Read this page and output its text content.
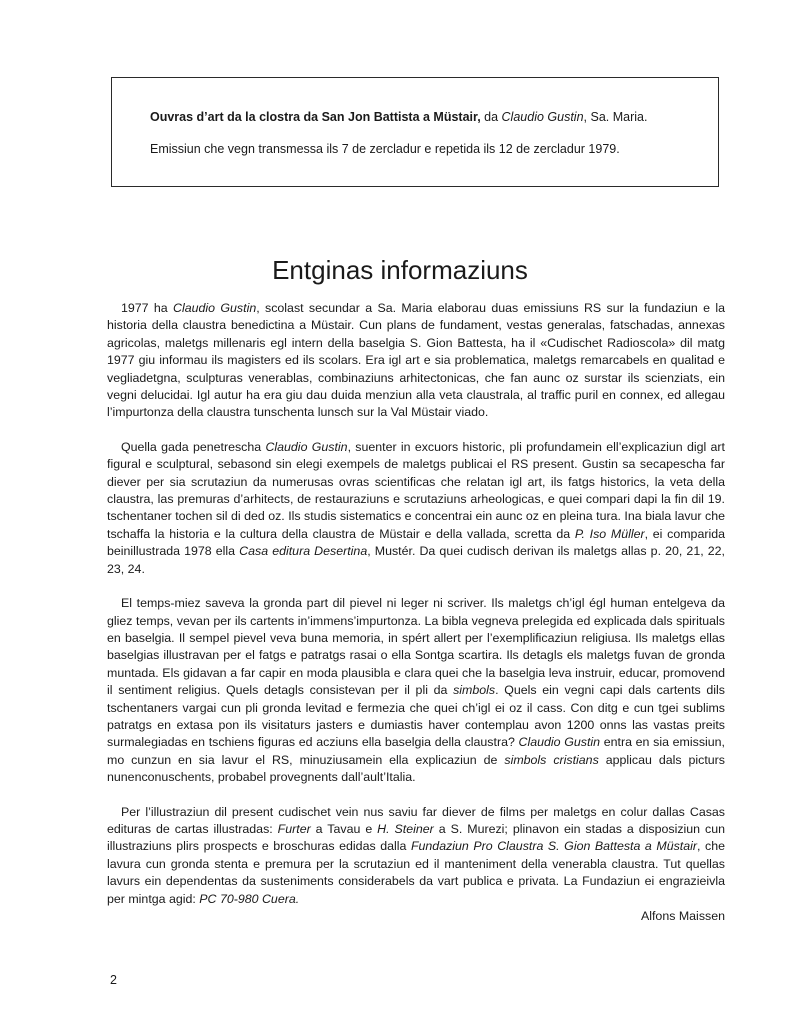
Ouvras d’art da la clostra da San Jon Battista a Müstair, da Claudio Gustin, Sa. Maria.
Emissiun che vegn transmessa ils 7 de zercladur e repetida ils 12 de zercladur 1979.
Entginas informaziuns

1977 ha Claudio Gustin, scolast secundar a Sa. Maria elaborau duas emissiuns RS sur la fundaziun e la historia della claustra benedictina a Müstair. Cun plans de fundament, vestas generalas, fatschadas, annexas agricolas, maletgs millenaris egl intern della baselgia S. Gion Battesta, ha il «Cudischet Radioscola» dil matg 1977 giu informau ils magisters ed ils scolars. Era igl art e sia problematica, maletgs remarcabels en qualitad e vegliadetgna, sculpturas venerablas, combinaziuns arhitectonicas, che fan aunc oz surstar ils scienziats, ein vegni delucidai. Igl autur ha era giu dau duida menziun alla veta claustrala, al traffic puril en connex, ed allegau l’impurtonza della claustra tunschenta lunsch sur la Val Müstair viado.

Quella gada penetrescha Claudio Gustin, suenter in excuors historic, pli profundamein ell’explicaziun digl art figural e sculptural, sebasond sin elegi exempels de maletgs publicai el RS present. Gustin sa secapescha far diever per sia scrutaziun da numerusas ovras scientificas che relatan igl art, ils fatgs historics, la veta della claustra, las premuras d’arhitects, de restauraziuns e scrutaziuns arheologicas, e quei compari dapi la fin dil 19. tschentaner tochen sil di ded oz. Ils studis sistematics e concentrai ein aunc oz en pleina tura. Ina biala lavur che tschaffa la historia e la cultura della claustra de Müstair e della vallada, scretta da P. Iso Müller, ei comparida beinillustrada 1978 ella Casa editura Desertina, Mustér. Da quei cudisch derivan ils maletgs allas p. 20, 21, 22, 23, 24.

El temps-miez saveva la gronda part dil pievel ni leger ni scriver. Ils maletgs ch’igl égl human entelgeva da gliez temps, vevan per ils cartents in’immens’impurtonza. La bibla vegneva prelegida ed explicada dals spirituals en baselgia. Il sempel pievel veva buna memoria, in spért allert per l’exemplificaziun religiusa. Ils maletgs ellas baselgias illustravan per el fatgs e patratgs rasai o ella Sontga scartira. Ils detagls els maletgs fuvan de gronda muntada. Els gidavan a far capir en moda plausibla e clara quei che la baselgia leva instruir, educar, promovend il sentiment religius. Quels detagls consistevan per il pli da simbols. Quels ein vegni capi dals cartents dils tschentaners vargai cun pli gronda levitad e fermezia che quei ch’igl ei oz il cass. Con ditg e cun tgei sublims patratgs en extasa pon ils visitaturs jasters e dumiastis haver contemplau avon 1200 onns las vastas preits surmalegiadas en tschiens figuras ed acziuns ella baselgia della claustra? Claudio Gustin entra en sia emissiun, mo cunzun en sia lavur el RS, minuziusamein ella explicaziun de simbols cristians applicau dals picturs nunenconuschents, probabel provegnents dall’ault’Italia.

Per l’illustraziun dil present cudischet vein nus saviu far diever de films per maletgs en colur dallas Casas edituras de cartas illustradas: Furter a Tavau e H. Steiner a S. Murezi; plinavon ein stadas a disposiziun cun illustraziuns plirs prospects e broschuras edidas dalla Fundaziun Pro Claustra S. Gion Battesta a Müstair, che lavura cun gronda stenta e premura per la scrutaziun ed il manteniment della venerabla claustra. Tut quellas lavurs ein dependentas da susteniments considerabels da vart publica e privata. La Fundaziun ei engrazieivla per mintga agid: PC 70-980 Cuera.

Alfons Maissen
2
